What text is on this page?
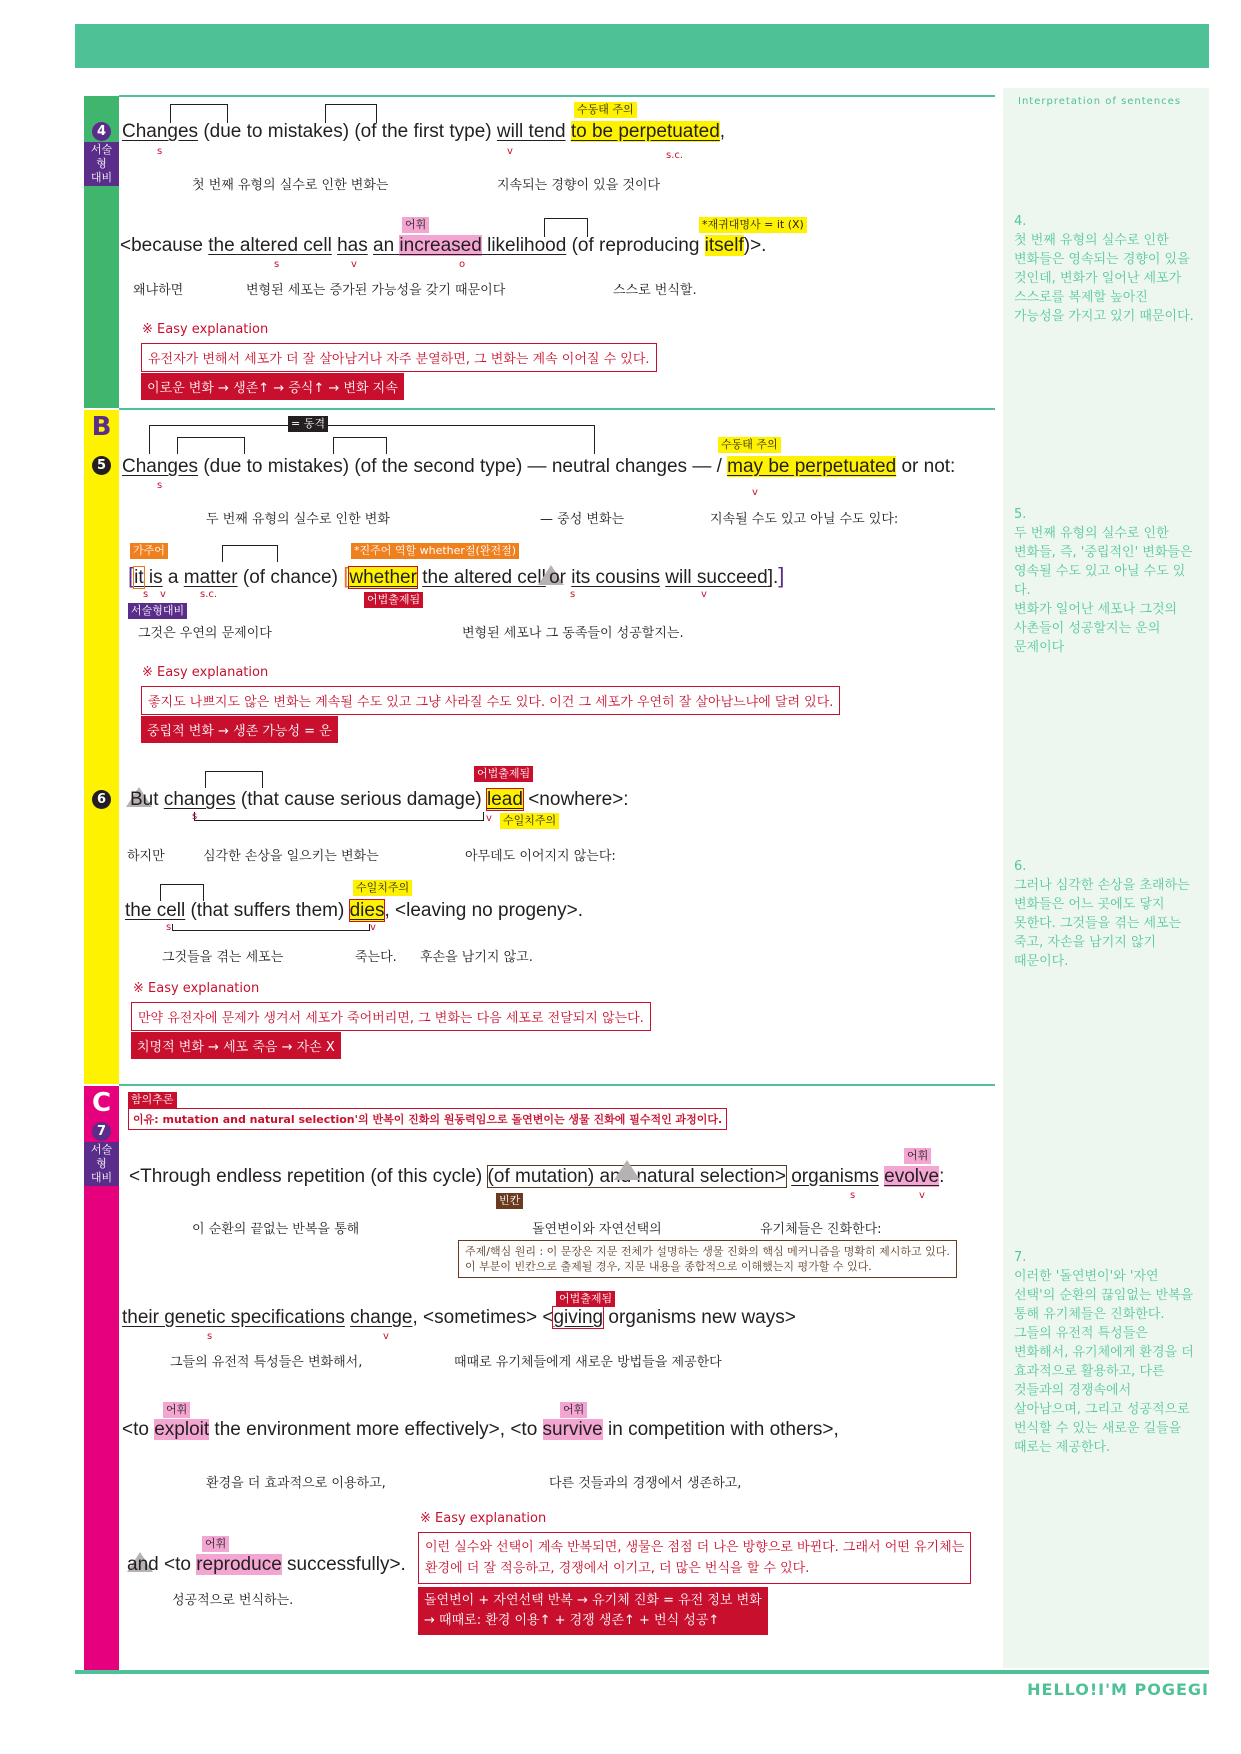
Interpretation of sentences
4
서술형
대비
수동태 주의
Changes (due to mistakes) (of the first type) will tend to be perpetuated,
s	v	s.c.
첫 번째 유형의 실수로 인한 변화는	지속되는 경향이 있을 것이다
어휘	*재귀대명사 = it (X)
<because the altered cell has an increased likelihood (of reproducing itself)>.
s	v	o
왜냐하면	변형된 세포는 증가된 가능성을 갖기 때문이다	스스로 번식할.
※ Easy explanation
유전자가 변해서 세포가 더 잘 살아남거나 자주 분열하면, 그 변화는 계속 이어질 수 있다.
이로운 변화 → 생존↑ → 증식↑ → 변화 지속
4.
첫 번째 유형의 실수로 인한
변화들은 영속되는 경향이 있을
것인데, 변화가 일어난 세포가
스스로를 복제할 높아진
가능성을 가지고 있기 때문이다.
B
5
= 동격
수동태 주의
Changes (due to mistakes) (of the second type) — neutral changes — / may be perpetuated or not:
s
v
두 번째 유형의 실수로 인한 변화	— 중성 변화는	지속될 수도 있고 아닐 수도 있다:
가주어	*진주어 역할 whether절(완전절)
[it is a matter (of chance) [whether the altered cell or its cousins will succeed].]
s v	s.c.	s	v
어법출제됨
서술형대비
그것은 우연의 문제이다	변형된 세포나 그 동족들이 성공할지는.
※ Easy explanation
좋지도 나쁘지도 않은 변화는 계속될 수도 있고 그냥 사라질 수도 있다. 이건 그 세포가 우연히 잘 살아남느냐에 달려 있다.
중립적 변화 → 생존 가능성 = 운
5.
두 번째 유형의 실수로 인한
변화들, 즉, '중립적인' 변화들은
영속될 수도 있고 아닐 수도 있다.
변화가 일어난 세포나 그것의
사촌들이 성공할지는 운의
문제이다
6
어법출제됨
But changes (that cause serious damage) lead <nowhere>:
s	v 수일치주의
하지만	심각한 손상을 일으키는 변화는	아무데도 이어지지 않는다:
수일치주의
the cell (that suffers them) dies, <leaving no progeny>.
s	v
그것들을 겪는 세포는	죽는다. 후손을 남기지 않고.
※ Easy explanation
만약 유전자에 문제가 생겨서 세포가 죽어버리면, 그 변화는 다음 세포로 전달되지 않는다.
치명적 변화 → 세포 죽음 → 자손 X
6.
그러나 심각한 손상을 초래하는
변화들은 어느 곳에도 닿지
못한다. 그것들을 겪는 세포는
죽고, 자손을 남기지 않기
때문이다.
C
7
서술형
대비
함의추론
이유: mutation and natural selection'의 반복이 진화의 원동력임으로 돌연변이는 생물 진화에 필수적인 과정이다.
어휘
<Through endless repetition (of this cycle) (of mutation) and natural selection> organisms evolve:
빈칸	s	v
이 순환의 끝없는 반복을 통해	돌연변이와 자연선택의	유기체들은 진화한다:
주제/핵심 원리 : 이 문장은 지문 전체가 설명하는 생물 진화의 핵심 메커니즘을 명확히 제시하고 있다.
이 부분이 빈칸으로 출제될 경우, 지문 내용을 종합적으로 이해했는지 평가할 수 있다.
어법출제됨
their genetic specifications change, <sometimes> <giving organisms new ways>
s	v
그들의 유전적 특성들은 변화해서,	때때로 유기체들에게 새로운 방법들을 제공한다
어휘	어휘
<to exploit the environment more effectively>, <to survive in competition with others>,
환경을 더 효과적으로 이용하고,	다른 것들과의 경쟁에서 생존하고,
어휘
and <to reproduce successfully>.
성공적으로 번식하는.
※ Easy explanation
이런 실수와 선택이 계속 반복되면, 생물은 점점 더 나은 방향으로 바뀐다. 그래서 어떤 유기체는
환경에 더 잘 적응하고, 경쟁에서 이기고, 더 많은 번식을 할 수 있다.
돌연변이 + 자연선택 반복 → 유기체 진화 = 유전 정보 변화
→ 때때로: 환경 이용↑ + 경쟁 생존↑ + 번식 성공↑
7.
이러한 '돌연변이'와 '자연
선택'의 순환의 끊임없는 반복을
통해 유기체들은 진화한다.
그들의 유전적 특성들은
변화해서, 유기체에게 환경을 더
효과적으로 활용하고, 다른
것들과의 경쟁속에서
살아남으며, 그리고 성공적으로
번식할 수 있는 새로운 길들을
때로는 제공한다.
HELLO!I'M POGEGI
